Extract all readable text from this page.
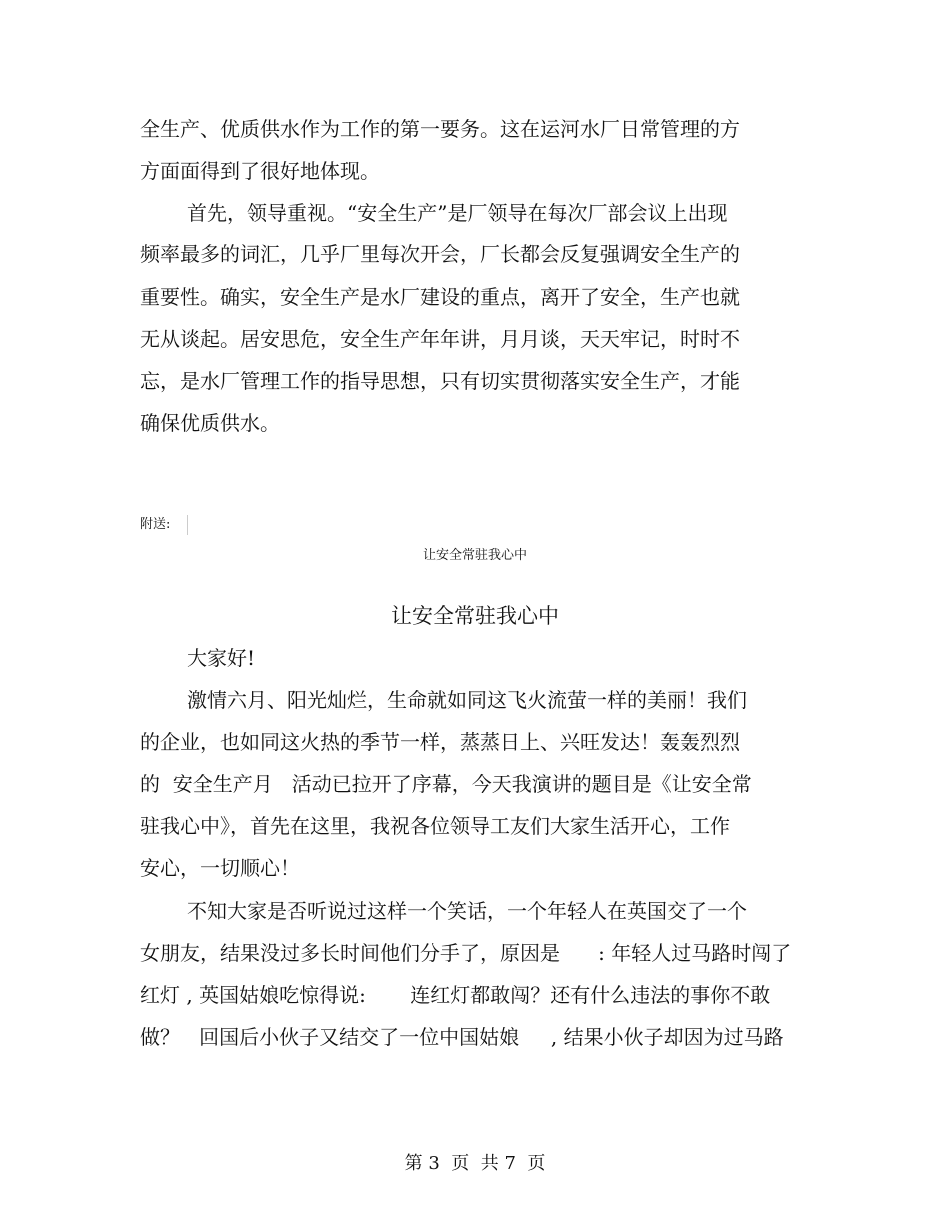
全生产、优质供水作为工作的第一要务。这在运河水厂日常管理的方
方面面得到了很好地体现。
首先，领导重视。“安全生产”是厂领导在每次厂部会议上出现
频率最多的词汇，几乎厂里每次开会，厂长都会反复强调安全生产的
重要性。确实，安全生产是水厂建设的重点，离开了安全，生产也就
无从谈起。居安思危，安全生产年年讲，月月谈，天天牢记，时时不
忘，是水厂管理工作的指导思想，只有切实贯彻落实安全生产，才能
确保优质供水。
附送:
让安全常驻我心中
让安全常驻我心中
大家好!
激情六月、阳光灿烂，生命就如同这飞火流萤一样的美丽！我们
的企业，也如同这火热的季节一样，蒸蒸日上、兴旺发达！轰轰烈烈
的  安全生产月   活动已拉开了序幕，今天我演讲的题目是《让安全常
驻我心中》，首先在这里，我祝各位领导工友们大家生活开心，工作
安心，一切顺心！
不知大家是否听说过这样一个笑话，一个年轻人在英国交了一个
女朋友，结果没过多长时间他们分手了，原因是      : 年轻人过马路时闯了
红灯 , 英国姑娘吃惊得说:       连红灯都敢闯？还有什么违法的事你不敢
做？   回国后小伙子又结交了一位中国姑娘     , 结果小伙子却因为过马路
第 3  页  共 7  页
